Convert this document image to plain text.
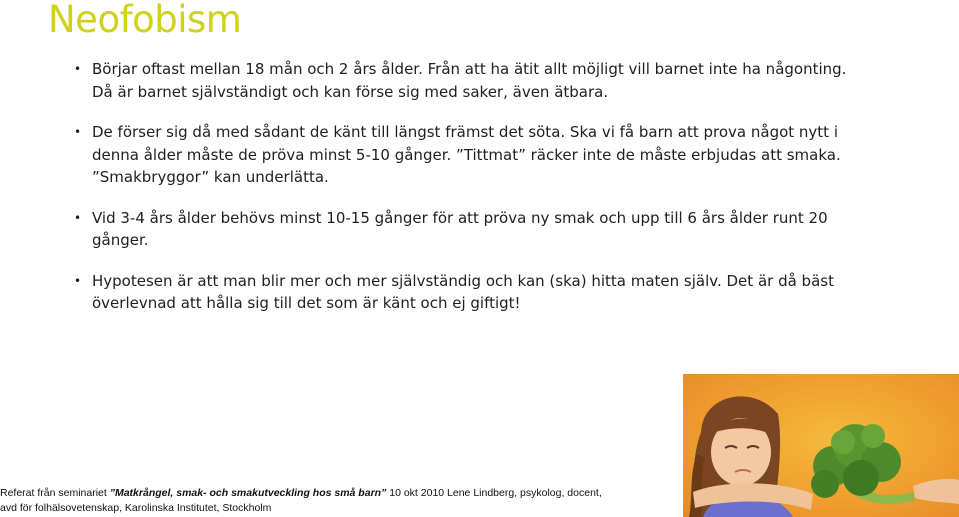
Neofobism
• Börjar oftast mellan 18 mån och 2 års ålder. Från att ha ätit allt möjligt vill barnet inte ha någonting. Då är barnet självständigt och kan förse sig med saker, även ätbara.
• De förser sig då med sådant de känt till längst främst det söta. Ska vi få barn att prova något nytt i denna ålder måste de pröva minst 5-10 gånger. ”Tittmat” räcker inte de måste erbjudas att smaka. ”Smakbryggor” kan underlätta.
• Vid 3-4 års ålder behövs minst 10-15 gånger för att pröva ny smak och upp till 6 års ålder runt 20 gånger.
• Hypotesen är att man blir mer och mer självständig och kan (ska) hitta maten själv. Det är då bäst överlevnad att hålla sig till det som är känt och ej giftigt!
Referat från seminariet ”Matkrångel, smak- och smakutveckling hos små barn” 10 okt 2010 Lene Lindberg, psykolog, docent,
avd för folhälsovetenskap, Karolinska Institutet, Stockholm
